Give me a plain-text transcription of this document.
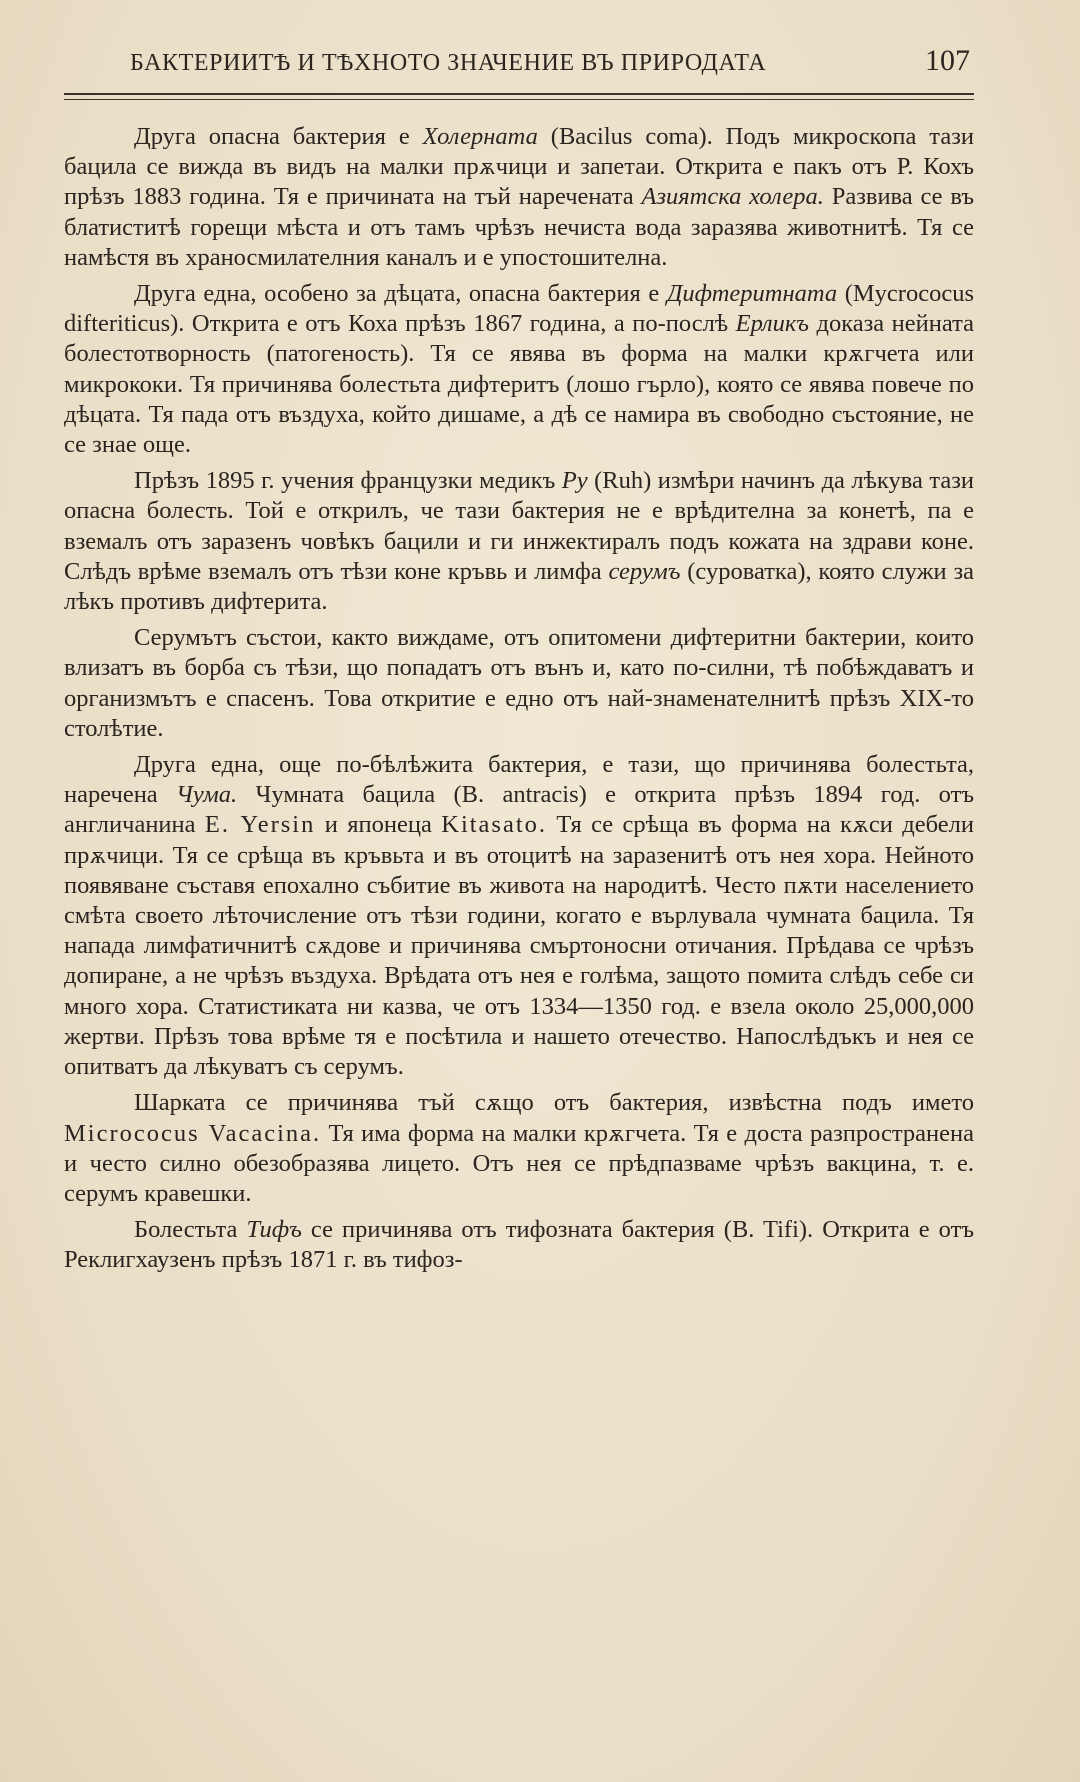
БАКТЕРИИТѢ И ТѢХНОТО ЗНАЧЕНИЕ ВЪ ПРИРОДАТА	107

Друга опасна бактерия е Холерната (Bacilus coma). Подъ микроскопа тази бацила се вижда въ видъ на малки прѫчици и запетаи. Открита е пакъ отъ Р. Кохъ прѣзъ 1883 година. Тя е причината на тъй наречената Азиятска холера. Развива се въ блатиститѣ горещи мѣста и отъ тамъ чрѣзъ нечиста вода заразява животнитѣ. Тя се намѣстя въ храносмилателния каналъ и е упостошителна.

Друга една, особено за дѣцата, опасна бактерия е Дифтеритната (Mycrococus difteriticus). Открита е отъ Коха прѣзъ 1867 година, а по-послѣ Ерликъ доказа нейната болестотворность (патогеность). Тя се явява въ форма на малки крѫгчета или микрококи. Тя причинява болестьта дифтеритъ (лошо гърло), която се явява повече по дѣцата. Тя пада отъ въздуха, който дишаме, а дѣ се намира въ свободно състояние, не се знае още.

Прѣзъ 1895 г. учения французки медикъ Ру (Ruh) измѣри начинъ да лѣкува тази опасна болесть. Той е открилъ, че тази бактерия не е врѣдителна за конетѣ, па е вземалъ отъ заразенъ човѣкъ бацили и ги инжектиралъ подъ кожата на здрави коне. Слѣдъ врѣме вземалъ отъ тѣзи коне кръвь и лимфа серумъ (суроватка), която служи за лѣкъ противъ дифтерита.

Серумътъ състои, както виждаме, отъ опитомени дифтеритни бактерии, които влизатъ въ борба съ тѣзи, що попадатъ отъ вънъ и, като по-силни, тѣ побѣждаватъ и организмътъ е спасенъ. Това откритие е едно отъ най-знаменателнитѣ прѣзъ XIX-то столѣтие.

Друга една, още по-бѣлѣжита бактерия, е тази, що причинява болестьта, наречена Чума. Чумната бацила (B. antracis) е открита прѣзъ 1894 год. отъ англичанина E. Yersin и японеца Kitasato. Тя се срѣща въ форма на кѫси дебели прѫчици. Тя се срѣща въ кръвьта и въ отоцитѣ на заразенитѣ отъ нея хора. Нейното появяване съставя епохално събитие въ живота на народитѣ. Често пѫти населението смѣта своето лѣточисление отъ тѣзи години, когато е върлувала чумната бацила. Тя напада лимфатичнитѣ сѫдове и причинява смъртоносни отичания. Прѣдава се чрѣзъ допиране, а не чрѣзъ въздуха. Врѣдата отъ нея е голѣма, защото помита слѣдъ себе си много хора. Статистиката ни казва, че отъ 1334—1350 год. е взела около 25,000,000 жертви. Прѣзъ това врѣме тя е посѣтила и нашето отечество. Напослѣдъкъ и нея се опитватъ да лѣкуватъ съ серумъ.

Шарката се причинява тъй сѫщо отъ бактерия, извѣстна подъ името Micrococus Vacacina. Тя има форма на малки крѫгчета. Тя е доста разпространена и често силно обезобразява лицето. Отъ нея се прѣдпазваме чрѣзъ вакцина, т. е. серумъ кравешки.

Болестьта Тифъ се причинява отъ тифозната бактерия (B. Tifi). Открита е отъ Реклигхаузенъ прѣзъ 1871 г. въ тифоз-
